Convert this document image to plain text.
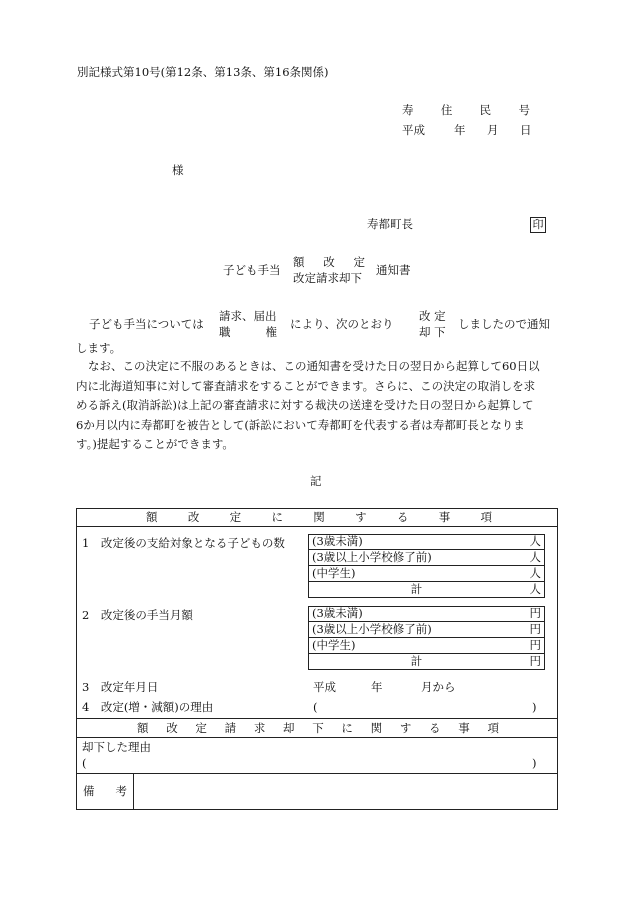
別記様式第10号(第12条、第13条、第16条関係)
寿 住 民 号
平成	年 月 日
様
寿都町長	印
子ども手当
額 改 定
改定請求却下
通知書
子ども手当については
請求、届出
職	権
により、次のとおり
改 定
却 下
しましたので通知
します。
なお、この決定に不服のあるときは、この通知書を受けた日の翌日から起算して60日以
内に北海道知事に対して審査請求をすることができます。さらに、この決定の取消しを求
める訴え(取消訴訟)は上記の審査請求に対する裁決の送達を受けた日の翌日から起算して
6か月以内に寿都町を被告として(訴訟において寿都町を代表する者は寿都町長となりま
す。)提起することができます。
記
額	改	定	に	関	す	る	事	項
1　改定後の支給対象となる子どもの数 (3歳未満)	人
(3歳以上小学校修了前)	人
(中学生)	人
計	人
2　改定後の手当月額	(3歳未満)	円
(3歳以上小学校修了前)	円
(中学生)	円
計	円
3　改定年月日	平成	年	月から
4　改定(増・減額)の理由	(	)
額 改 定 請 求 却 下 に 関 す る 事 項
却下した理由
(	)
備 考
